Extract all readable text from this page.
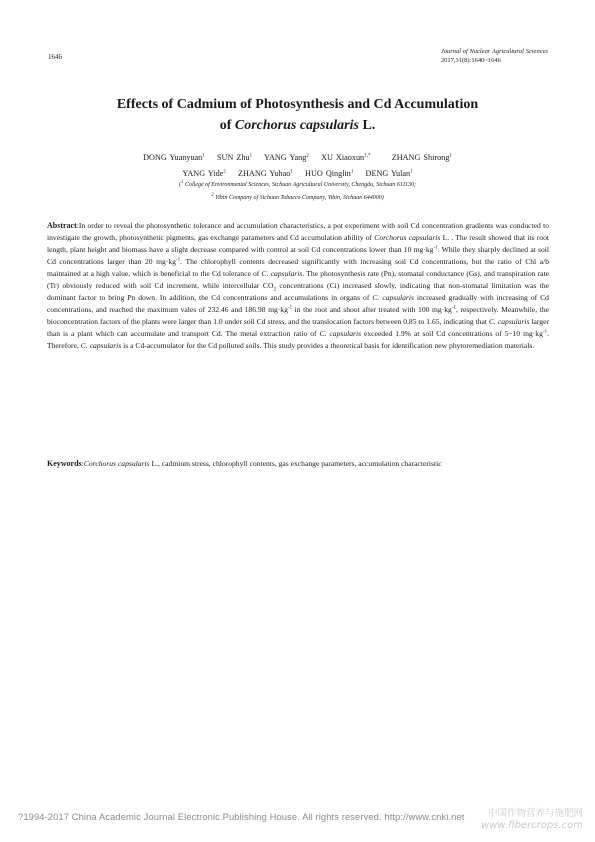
1646
Journal of Nuclear Agricultural Sciences
2017,31(8):1640~1646
Effects of Cadmium of Photosynthesis and Cd Accumulation
of Corchorus capsularis L.
DONG Yuanyuan$^1$ SUN Zhu$^1$ YANG Yang$^2$ XU Xiaoxun$^{1,*}$	ZHANG Shirong$^1$
YANG Yide$^2$ ZHANG Yuhao$^1$ HUO Qinglin$^1$ DENG Yulan$^1$
($^1$ College of Environmental Sciences, Sichuan Agricultural University, Chengdu, Sichuan 611130;
$^2$ Yibin Company of Sichuan Tobacco Company, Yibin, Sichuan 644000)
Abstract:In order to reveal the photosynthetic tolerance and accumulation characteristics, a pot experiment with soil Cd concentration gradients was conducted to investigate the growth, photosynthetic pigments, gas exchange parameters and Cd accumulation ability of Corchorus capsularis L. . The result showed that its root length, plant height and biomass have a slight decrease compared with control at soil Cd concentrations lower than 10 $mg\cdot kg^{-1}$. While they sharply declined at soil Cd concentrations larger than 20 $mg\cdot kg^{-1}$. The chlorophyll contents decreased significantly with increasing soil Cd concentrations, but the ratio of Chl a/b maintained at a high value, which is beneficial to the Cd tolerance of C. capsularis. The photosynthesis rate (Pn), stomatal conductance (Gs), and transpiration rate (Tr) obviously reduced with soil Cd increment, while intercellular $CO_2$ concentrations (Ci) increased slowly, indicating that non-stomatal limitation was the dominant factor to bring Pn down. In addition, the Cd concentrations and accumulations in organs of C. capsularis increased gradually with increasing of Cd concentrations, and reached the maximum vales of 232.46 and 186.98 $mg\cdot kg^{-1}$ in the root and shoot after treated with 100 $mg\cdot kg^{-1}$, respectively. Meanwhile, the bioconcentration factors of the plants were larger than 1.0 under soil Cd stress, and the translocation factors between 0.85 to 1.65, indicating that C. capsularis larger than is a plant which can accumulate and transport Cd. The metal extraction ratio of C. capsularis exceeded 1.9% at soil Cd concentrations of 5~10 $mg\cdot kg^{-1}$. Therefore, C. capsularis is a Cd-accumulator for the Cd polluted soils. This study provides a theoretical basis for identification new phytoremediation materials.
Keywords:Corchorus capsularis L., cadmium stress, chlorophyll contents, gas exchange parameters, accumulation characteristic
?1994-2017 China Academic Journal Electronic Publishing House. All rights reserved. http://www.cnki.net	中国作物营养与施肥网
www.fibercrops.com
